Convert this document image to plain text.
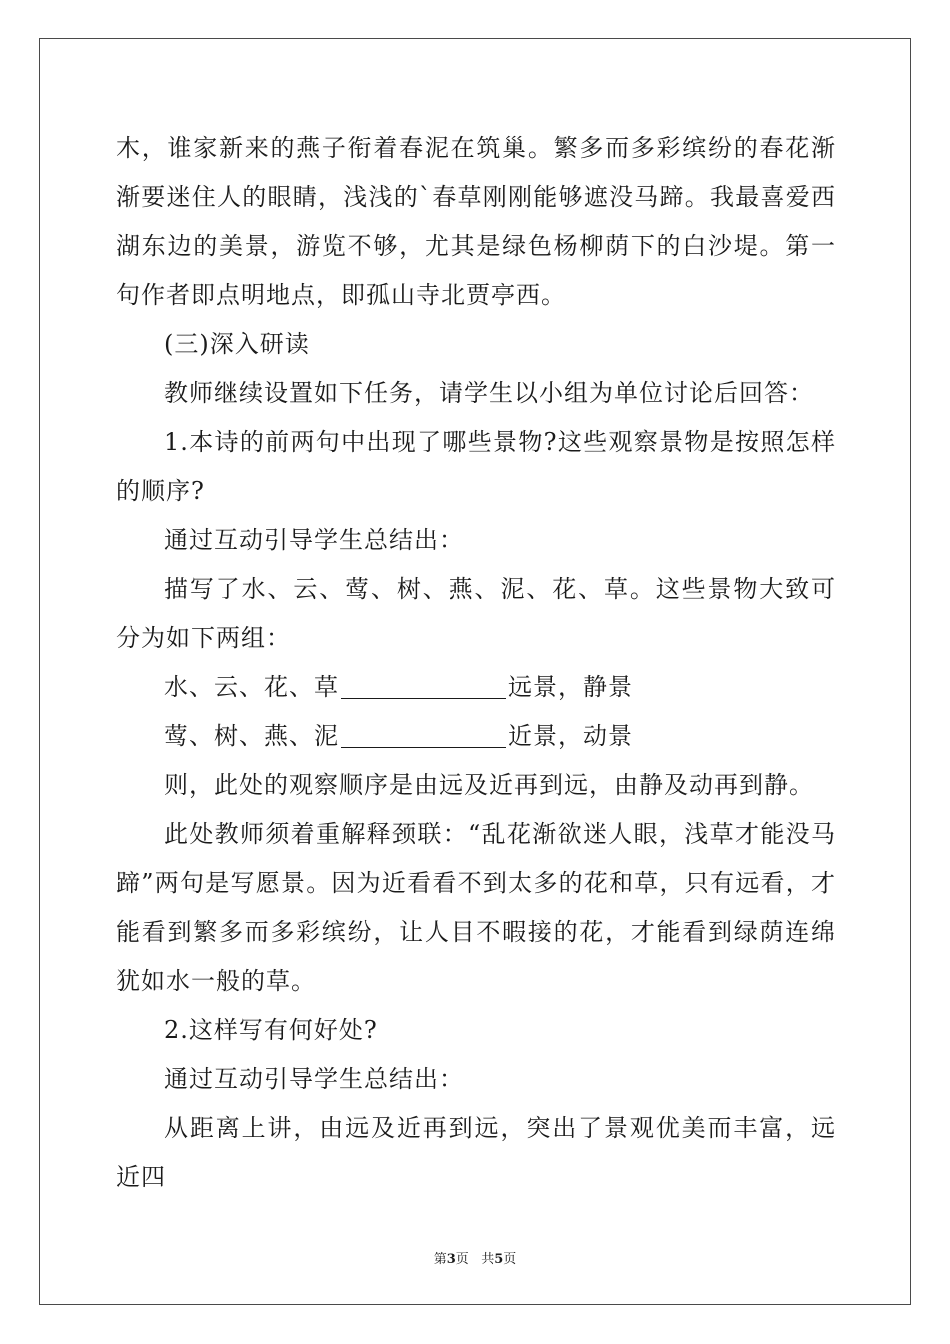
木，谁家新来的燕子衔着春泥在筑巢。繁多而多彩缤纷的春花渐渐要迷住人的眼睛，浅浅的`春草刚刚能够遮没马蹄。我最喜爱西湖东边的美景，游览不够，尤其是绿色杨柳荫下的白沙堤。第一句作者即点明地点，即孤山寺北贾亭西。

(三)深入研读

教师继续设置如下任务，请学生以小组为单位讨论后回答：

1.本诗的前两句中出现了哪些景物?这些观察景物是按照怎样的顺序?

通过互动引导学生总结出：

描写了水、云、莺、树、燕、泥、花、草。这些景物大致可分为如下两组：

水、云、花、草	远景，静景

莺、树、燕、泥	近景，动景

则，此处的观察顺序是由远及近再到远，由静及动再到静。

此处教师须着重解释颈联：“乱花渐欲迷人眼，浅草才能没马蹄”两句是写愿景。因为近看看不到太多的花和草，只有远看，才能看到繁多而多彩缤纷，让人目不暇接的花，才能看到绿荫连绵犹如水一般的草。

2.这样写有何好处?

通过互动引导学生总结出：

从距离上讲，由远及近再到远，突出了景观优美而丰富，远近四

第3页 共5页
